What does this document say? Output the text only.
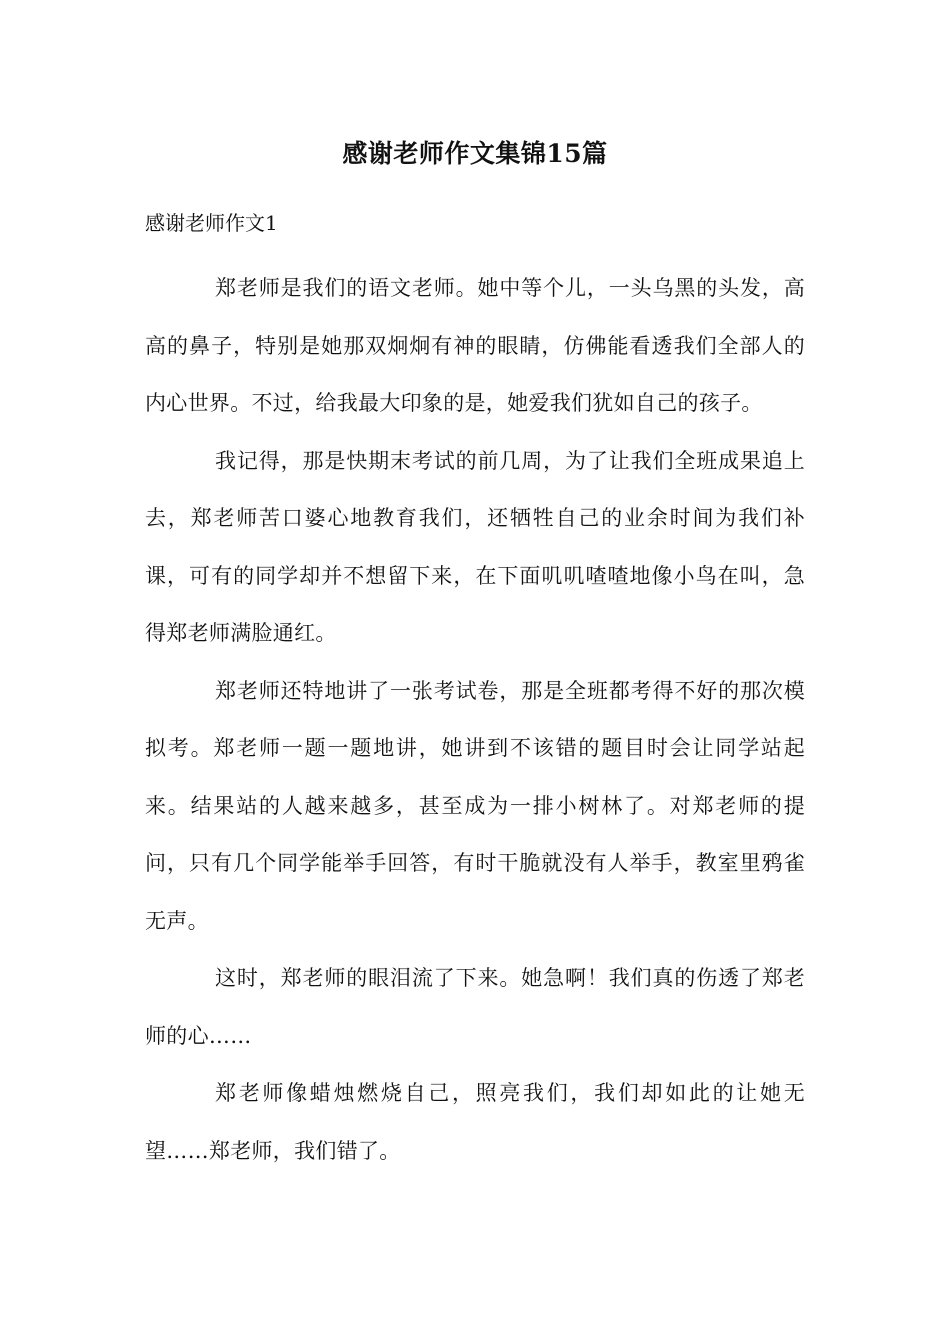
感谢老师作文集锦15篇
感谢老师作文1

郑老师是我们的语文老师。她中等个儿，一头乌黑的头发，高高的鼻子，特别是她那双炯炯有神的眼睛，仿佛能看透我们全部人的内心世界。不过，给我最大印象的是，她爱我们犹如自己的孩子。

我记得，那是快期末考试的前几周，为了让我们全班成果追上去，郑老师苦口婆心地教育我们，还牺牲自己的业余时间为我们补课，可有的同学却并不想留下来，在下面叽叽喳喳地像小鸟在叫，急得郑老师满脸通红。

郑老师还特地讲了一张考试卷，那是全班都考得不好的那次模拟考。郑老师一题一题地讲，她讲到不该错的题目时会让同学站起来。结果站的人越来越多，甚至成为一排小树林了。对郑老师的提问，只有几个同学能举手回答，有时干脆就没有人举手，教室里鸦雀无声。

这时，郑老师的眼泪流了下来。她急啊！我们真的伤透了郑老师的心……

郑老师像蜡烛燃烧自己，照亮我们，我们却如此的让她无望……郑老师，我们错了。
